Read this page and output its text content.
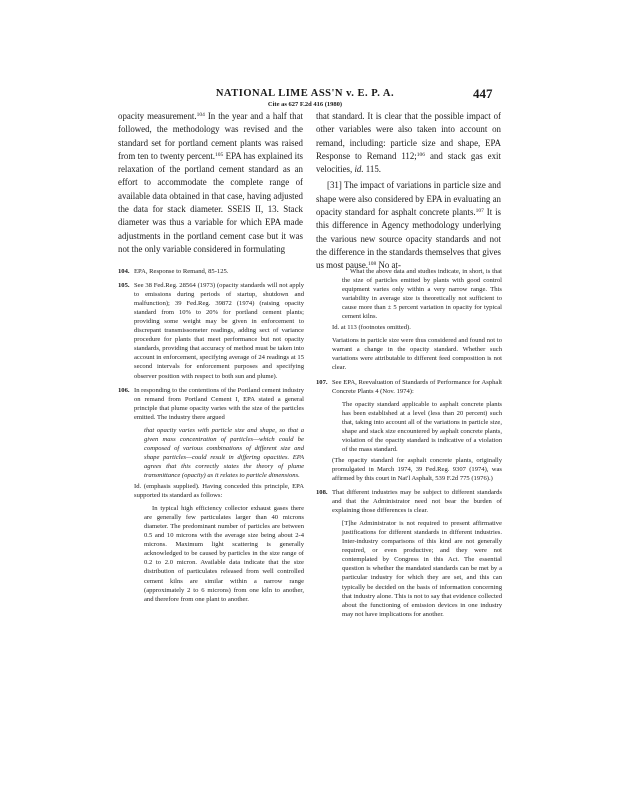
NATIONAL LIME ASS'N v. E. P. A.	447
Cite as 627 F.2d 416 (1980)

opacity measurement.$^{104}$ In the year and a half that followed, the methodology was revised and the standard set for portland cement plants was raised from ten to twenty percent.$^{105}$ EPA has explained its relaxation of the portland cement standard as an effort to accommodate the complete range of available data obtained in that case, having adjusted the data for stack diameter. SSEIS II, 13. Stack diameter was thus a variable for which EPA made adjustments in the portland cement case but it was not the only variable considered in formulating

that standard. It is clear that the possible impact of other variables were also taken into account on remand, including: particle size and shape, EPA Response to Remand 112;$^{106}$ and stack gas exit velocities, id. 115.

[31] The impact of variations in particle size and shape were also considered by EPA in evaluating an opacity standard for asphalt concrete plants.$^{107}$ It is this difference in Agency methodology underlying the various new source opacity standards and not the difference in the standards themselves that gives us most pause.$^{108}$ No at-

104. EPA, Response to Remand, 85-125.
105. See 38 Fed.Reg. 28564 (1973) (opacity standards will not apply to emissions during periods of startup, shutdown and malfunction); 39 Fed.Reg. 39872 (1974) (raising opacity standard from 10% to 20% for portland cement plants; providing some weight may be given in enforcement to discrepant transmissometer readings, adding sect of variance procedure for plants that meet performance but not opacity standards, providing that accuracy of method must be taken into account in enforcement, specifying average of 24 readings at 15 second intervals for enforcement purposes and specifying observer position with respect to both sun and plume).
106. In responding to the contentions of the Portland cement industry on remand from Portland Cement I, EPA stated a general principle that plume opacity varies with the size of the particles emitted. The industry there argued

that opacity varies with particle size and shape, so that a given mass concentration of particles—which could be composed of various combinations of different size and shape particles—could result in differing opacities. EPA agrees that this correctly states the theory of plume transmittance (opacity) as it relates to particle dimensions.

Id. (emphasis supplied). Having conceded this principle, EPA supported its standard as follows:

In typical high efficiency collector exhaust gases there are generally few particulates larger than 40 microns diameter. The predominant number of particles are between 0.5 and 10 microns with the average size being about 2-4 microns. Maximum light scattering is generally acknowledged to be caused by particles in the size range of 0.2 to 2.0 micron. Available data indicate that the size distribution of particulates released from well controlled cement kilns are similar within a narrow range (approximately 2 to 6 microns) from one kiln to another, and therefore from one plant to another.

What the above data and studies indicate, in short, is that the size of particles emitted by plants with good control equipment varies only within a very narrow range. This variability in average size is theoretically not sufficient to cause more than ± 5 percent variation in opacity for typical cement kilns.

Id. at 113 (footnotes omitted).
Variations in particle size were thus considered and found not to warrant a change in the opacity standard. Whether such variations were attributable to different feed composition is not clear.
107. See EPA, Reevaluation of Standards of Performance for Asphalt Concrete Plants 4 (Nov. 1974):

The opacity standard applicable to asphalt concrete plants has been established at a level (less than 20 percent) such that, taking into account all of the variations in particle size, shape and stack size encountered by asphalt concrete plants, violation of the opacity standard is indicative of a violation of the mass standard.

(The opacity standard for asphalt concrete plants, originally promulgated in March 1974, 39 Fed.Reg. 9307 (1974), was affirmed by this court in Nat'l Asphalt, 539 F.2d 775 (1976).)
108. That different industries may be subject to different standards and that the Administrator need not bear the burden of explaining those differences is clear.

[T]he Administrator is not required to present affirmative justifications for different standards in different industries. Inter-industry comparisons of this kind are not generally required, or even productive; and they were not contemplated by Congress in this Act. The essential question is whether the mandated standards can be met by a particular industry for which they are set, and this can typically be decided on the basis of information concerning that industry alone. This is not to say that evidence collected about the functioning of emission devices in one industry may not have implications for another.
